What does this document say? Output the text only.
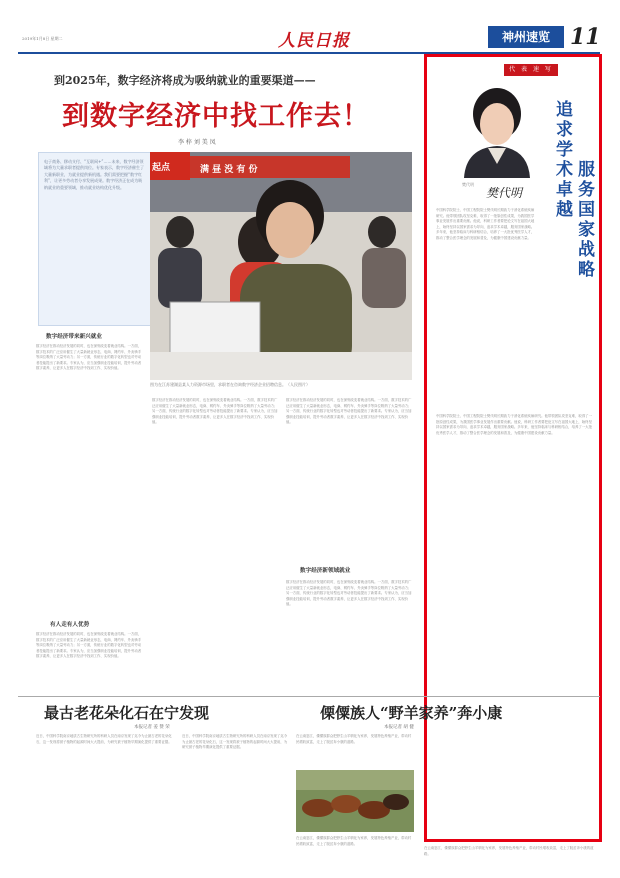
2019年1月8日 星期二	人民日报	神州速览 11
到2025年，数字经济将成为吸纳就业的重要渠道——
到数字经济中找工作去！
李 梓 刘 美 凤
电子商务、移动支付、“互联网+”……未来，数字经济领域将为大量求职者提供岗位。专家表示，数字经济催生了大量新职业，为就业提供新机遇。我们需要把握“数字红利”，让更多劳动者分享发展成果。数字经济正在成为吸纳就业的重要领域，推动就业结构优化升级。
起点	满 昼 没 有 份
图为在江苏建湖县某人力资源市场里，求职者在咨询数字经济企业招聘信息。（人民图片）
数字经济带来新兴就业
数字经济在推动经济发展的同时，也在深刻改变着就业结构。一方面，数字技术的广泛应用催生了大量新就业形态，电商、网约车、外卖骑手等岗位吸纳了大量劳动力；另一方面，传统行业的数字化转型也对劳动者技能提出了新要求。专家认为，应当加强职业技能培训，提升劳动者数字素养，让更多人在数字经济中找到工作、实现价值。
有人走有人优势
数字经济在推动经济发展的同时，也在深刻改变着就业结构。一方面，数字技术的广泛应用催生了大量新就业形态，电商、网约车、外卖骑手等岗位吸纳了大量劳动力；另一方面，传统行业的数字化转型也对劳动者技能提出了新要求。专家认为，应当加强职业技能培训，提升劳动者数字素养，让更多人在数字经济中找到工作、实现价值。
数字经济在推动经济发展的同时，也在深刻改变着就业结构。一方面，数字技术的广泛应用催生了大量新就业形态，电商、网约车、外卖骑手等岗位吸纳了大量劳动力；另一方面，传统行业的数字化转型也对劳动者技能提出了新要求。专家认为，应当加强职业技能培训，提升劳动者数字素养，让更多人在数字经济中找到工作、实现价值。
数字经济在推动经济发展的同时，也在深刻改变着就业结构。一方面，数字技术的广泛应用催生了大量新就业形态，电商、网约车、外卖骑手等岗位吸纳了大量劳动力；另一方面，传统行业的数字化转型也对劳动者技能提出了新要求。专家认为，应当加强职业技能培训，提升劳动者数字素养，让更多人在数字经济中找到工作、实现价值。
数字经济新领域就业
数字经济在推动经济发展的同时，也在深刻改变着就业结构。一方面，数字技术的广泛应用催生了大量新就业形态，电商、网约车、外卖骑手等岗位吸纳了大量劳动力；另一方面，传统行业的数字化转型也对劳动者技能提出了新要求。专家认为，应当加强职业技能培训，提升劳动者数字素养，让更多人在数字经济中找到工作、实现价值。
代 表 速 写
樊代明
樊代明 追求学术卓越 服务国家战略
中国科学院院士、中国工程院院士樊代明长期致力于消化系统疾病研究。他带领团队攻坚克难，取得了一批原创性成果，为我国医学事业发展作出重要贡献。他说，科研工作者要把论文写在祖国大地上，始终坚持以国家需求为导向，追求学术卓越，服务国家战略。多年来，他坚持临床与科研相结合，培养了一大批优秀医学人才，推动了整合医学理念的发展和普及，为健康中国建设贡献力量。
中国科学院院士、中国工程院院士樊代明长期致力于消化系统疾病研究。他带领团队攻坚克难，取得了一批原创性成果，为我国医学事业发展作出重要贡献。他说，科研工作者要把论文写在祖国大地上，始终坚持以国家需求为导向，追求学术卓越，服务国家战略。多年来，他坚持临床与科研相结合，培养了一大批优秀医学人才，推动了整合医学理念的发展和普及，为健康中国建设贡献力量。
最古老花朵化石在宁发现
本报记者 姜 赞 荣
近日，中国科学院南京地质古生物研究所的科研人员在南京发现了迄今为止最古老的花朵化石，这一发现将被子植物的起源时间大大提前，为研究被子植物早期演化提供了重要证据。
近日，中国科学院南京地质古生物研究所的科研人员在南京发现了迄今为止最古老的花朵化石，这一发现将被子植物的起源时间大大提前，为研究被子植物早期演化提供了重要证据。
傈僳族人“野羊家养”奔小康
本报记者 胡 健
在云南怒江，傈僳族群众把野生山羊驯化为家养，发展特色养殖产业，带动村民增收致富，走上了脱贫奔小康的道路。
在云南怒江，傈僳族群众把野生山羊驯化为家养，发展特色养殖产业，带动村民增收致富，走上了脱贫奔小康的道路。
在云南怒江，傈僳族群众把野生山羊驯化为家养，发展特色养殖产业，带动村民增收致富，走上了脱贫奔小康的道路。
